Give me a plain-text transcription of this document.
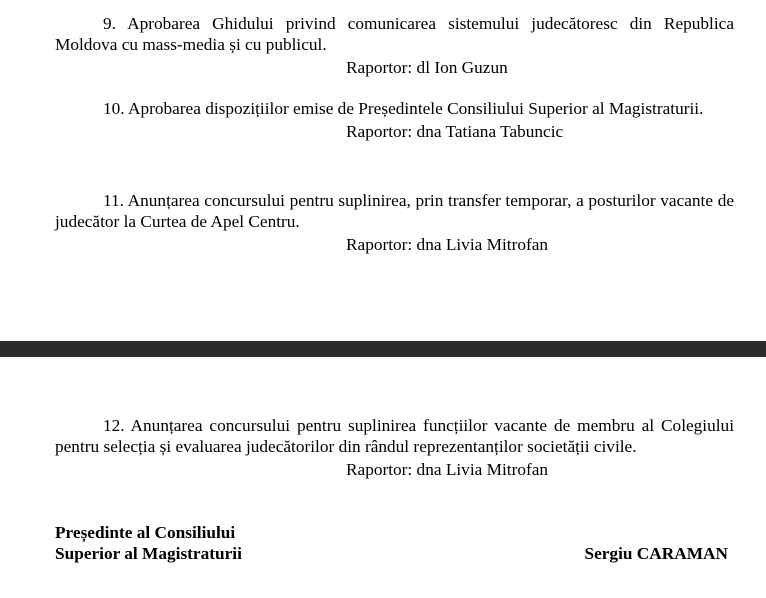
9. Aprobarea Ghidului privind comunicarea sistemului judecătoresc din Republica Moldova cu mass-media și cu publicul.

Raportor: dl Ion Guzun

10. Aprobarea dispozițiilor emise de Președintele Consiliului Superior al Magistraturii.

Raportor: dna Tatiana Tabuncic

11. Anunțarea concursului pentru suplinirea, prin transfer temporar, a posturilor vacante de judecător la Curtea de Apel Centru.

Raportor: dna Livia Mitrofan

12. Anunțarea concursului pentru suplinirea funcțiilor vacante de membru al Colegiului pentru selecția și evaluarea judecătorilor din rândul reprezentanților societății civile.

Raportor: dna Livia Mitrofan

Președinte al Consiliului
Superior al Magistraturii	Sergiu CARAMAN
